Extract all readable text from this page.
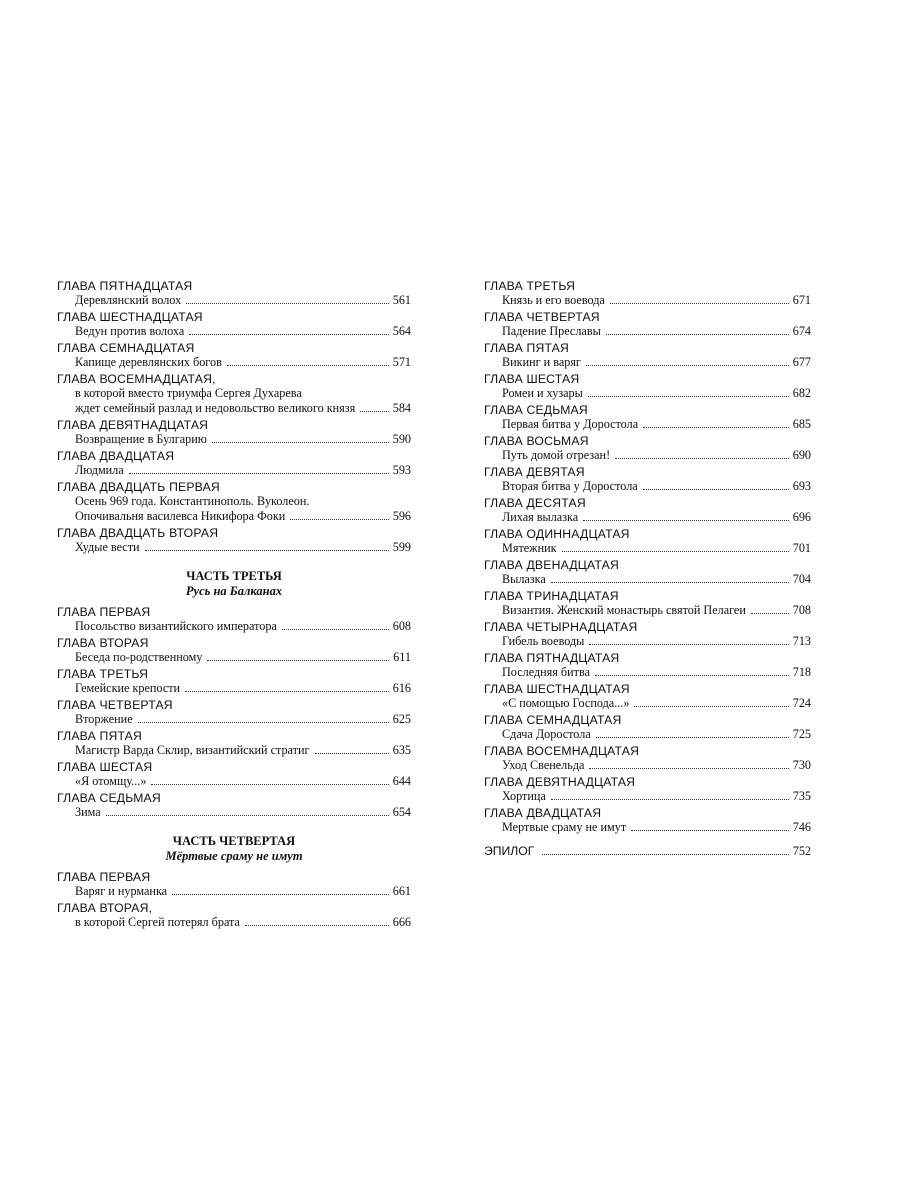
ГЛАВА ПЯТНАДЦАТАЯ
Деревлянский волох	561
ГЛАВА ШЕСТНАДЦАТАЯ
Ведун против волоха	564
ГЛАВА СЕМНАДЦАТАЯ
Капище деревлянских богов	571
ГЛАВА ВОСЕМНАДЦАТАЯ,
в которой вместо триумфа Сергея Духарева
ждет семейный разлад и недовольство великого князя	584
ГЛАВА ДЕВЯТНАДЦАТАЯ
Возвращение в Булгарию	590
ГЛАВА ДВАДЦАТАЯ
Людмила	593
ГЛАВА ДВАДЦАТЬ ПЕРВАЯ
Осень 969 года. Константинополь. Вуколеон.
Опочивальня василевса Никифора Фоки	596
ГЛАВА ДВАДЦАТЬ ВТОРАЯ
Худые вести	599
ЧАСТЬ ТРЕТЬЯ
Русь на Балканах
ГЛАВА ПЕРВАЯ
Посольство византийского императора	608
ГЛАВА ВТОРАЯ
Беседа по-родственному	611
ГЛАВА ТРЕТЬЯ
Гемейские крепости	616
ГЛАВА ЧЕТВЕРТАЯ
Вторжение	625
ГЛАВА ПЯТАЯ
Магистр Варда Склир, византийский стратиг	635
ГЛАВА ШЕСТАЯ
«Я отомщу...»	644
ГЛАВА СЕДЬМАЯ
Зима	654
ЧАСТЬ ЧЕТВЕРТАЯ
Мёртвые сраму не имут
ГЛАВА ПЕРВАЯ
Варяг и нурманка	661
ГЛАВА ВТОРАЯ,
в которой Сергей потерял брата	666
ГЛАВА ТРЕТЬЯ
Князь и его воевода	671
ГЛАВА ЧЕТВЕРТАЯ
Падение Преславы	674
ГЛАВА ПЯТАЯ
Викинг и варяг	677
ГЛАВА ШЕСТАЯ
Ромеи и хузары	682
ГЛАВА СЕДЬМАЯ
Первая битва у Доростола	685
ГЛАВА ВОСЬМАЯ
Путь домой отрезан!	690
ГЛАВА ДЕВЯТАЯ
Вторая битва у Доростола	693
ГЛАВА ДЕСЯТАЯ
Лихая вылазка	696
ГЛАВА ОДИННАДЦАТАЯ
Мятежник	701
ГЛАВА ДВЕНАДЦАТАЯ
Вылазка	704
ГЛАВА ТРИНАДЦАТАЯ
Византия. Женский монастырь святой Пелагеи	708
ГЛАВА ЧЕТЫРНАДЦАТАЯ
Гибель воеводы	713
ГЛАВА ПЯТНАДЦАТАЯ
Последняя битва	718
ГЛАВА ШЕСТНАДЦАТАЯ
«С помощью Господа...»	724
ГЛАВА СЕМНАДЦАТАЯ
Сдача Доростола	725
ГЛАВА ВОСЕМНАДЦАТАЯ
Уход Свенельда	730
ГЛАВА ДЕВЯТНАДЦАТАЯ
Хортица	735
ГЛАВА ДВАДЦАТАЯ
Мертвые сраму не имут	746
ЭПИЛОГ	752
